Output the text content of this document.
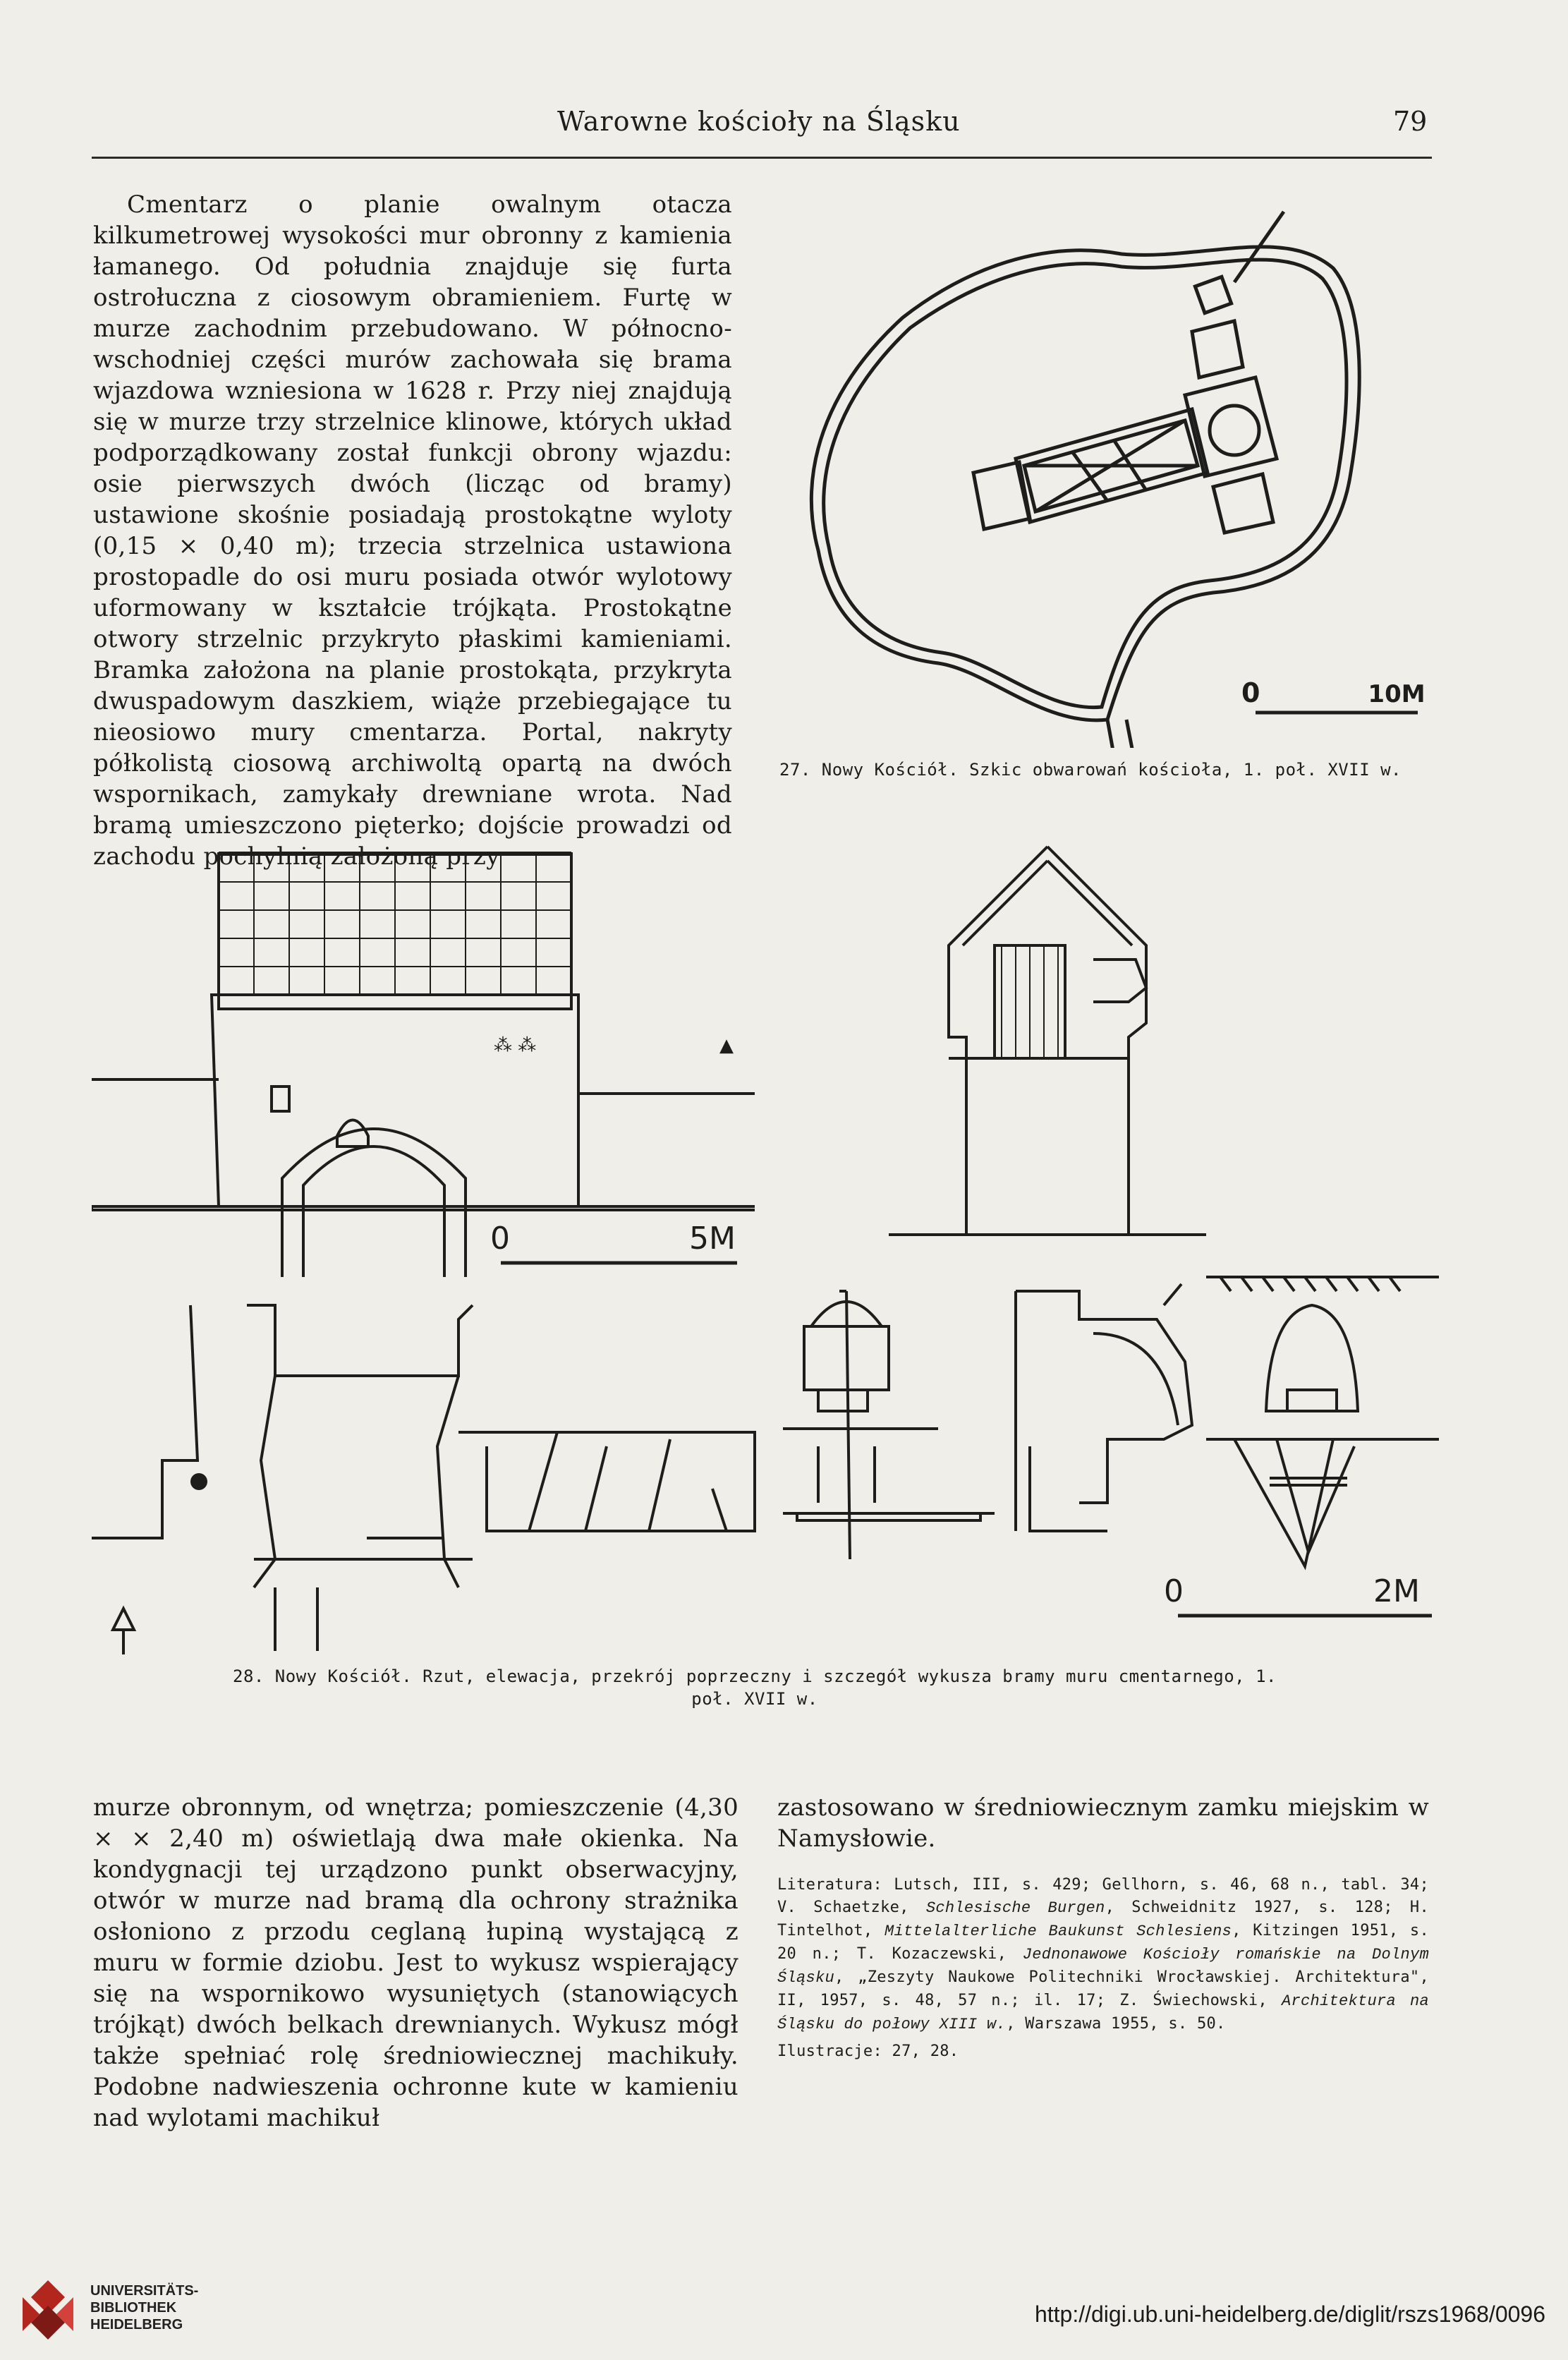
Warowne kościoły na Śląsku	79

Cmentarz o planie owalnym otacza kilkumetrowej wysokości mur obronny z kamienia łamanego. Od południa znajduje się furta ostrołuczna z ciosowym obramieniem. Furtę w murze zachodnim przebudowano. W północno-wschodniej części murów zachowała się brama wjazdowa wzniesiona w 1628 r. Przy niej znajdują się w murze trzy strzelnice klinowe, których układ podporządkowany został funkcji obrony wjazdu: osie pierwszych dwóch (licząc od bramy) ustawione skośnie posiadają prostokątne wyloty (0,15 × 0,40 m); trzecia strzelnica ustawiona prostopadle do osi muru posiada otwór wylotowy uformowany w kształcie trójkąta. Prostokątne otwory strzelnic przykryto płaskimi kamieniami. Bramka założona na planie prostokąta, przykryta dwuspadowym daszkiem, wiąże przebiegające tu nieosiowo mury cmentarza. Portal, nakryty półkolistą ciosową archiwoltą opartą na dwóch wspornikach, zamykały drewniane wrota. Nad bramą umieszczono pięterko; dojście prowadzi od zachodu pochylnią założoną przy

0	10M
27. Nowy Kościół. Szkic obwarowań kościoła, 1. poł. XVII w.
⁂ ⁂	▲
0	5M
0	2M
28. Nowy Kościół. Rzut, elewacja, przekrój poprzeczny i szczegół wykusza bramy muru cmentarnego, 1. poł. XVII w.

murze obronnym, od wnętrza; pomieszczenie (4,30 × × 2,40 m) oświetlają dwa małe okienka. Na kondygnacji tej urządzono punkt obserwacyjny, otwór w murze nad bramą dla ochrony strażnika osłoniono z przodu ceglaną łupiną wystającą z muru w formie dziobu. Jest to wykusz wspierający się na wspornikowo wysuniętych (stanowiących trójkąt) dwóch belkach drewnianych. Wykusz mógł także spełniać rolę średniowiecznej machikuły. Podobne nadwieszenia ochronne kute w kamieniu nad wylotami machikuł

zastosowano w średniowiecznym zamku miejskim w Namysłowie.

Literatura: Lutsch, III, s. 429; Gellhorn, s. 46, 68 n., tabl. 34; V. Schaetzke, Schlesische Burgen, Schweidnitz 1927, s. 128; H. Tintelhot, Mittelalterliche Baukunst Schlesiens, Kitzingen 1951, s. 20 n.; T. Kozaczewski, Jednonawowe Kościoły romańskie na Dolnym Śląsku, „Zeszyty Naukowe Politechniki Wrocławskiej. Architektura", II, 1957, s. 48, 57 n.; il. 17; Z. Świechowski, Architektura na Śląsku do połowy XIII w., Warszawa 1955, s. 50.
Ilustracje: 27, 28.
UNIVERSITÄTS-
BIBLIOTHEK
HEIDELBERG	http://digi.ub.uni-heidelberg.de/diglit/rszs1968/0096
